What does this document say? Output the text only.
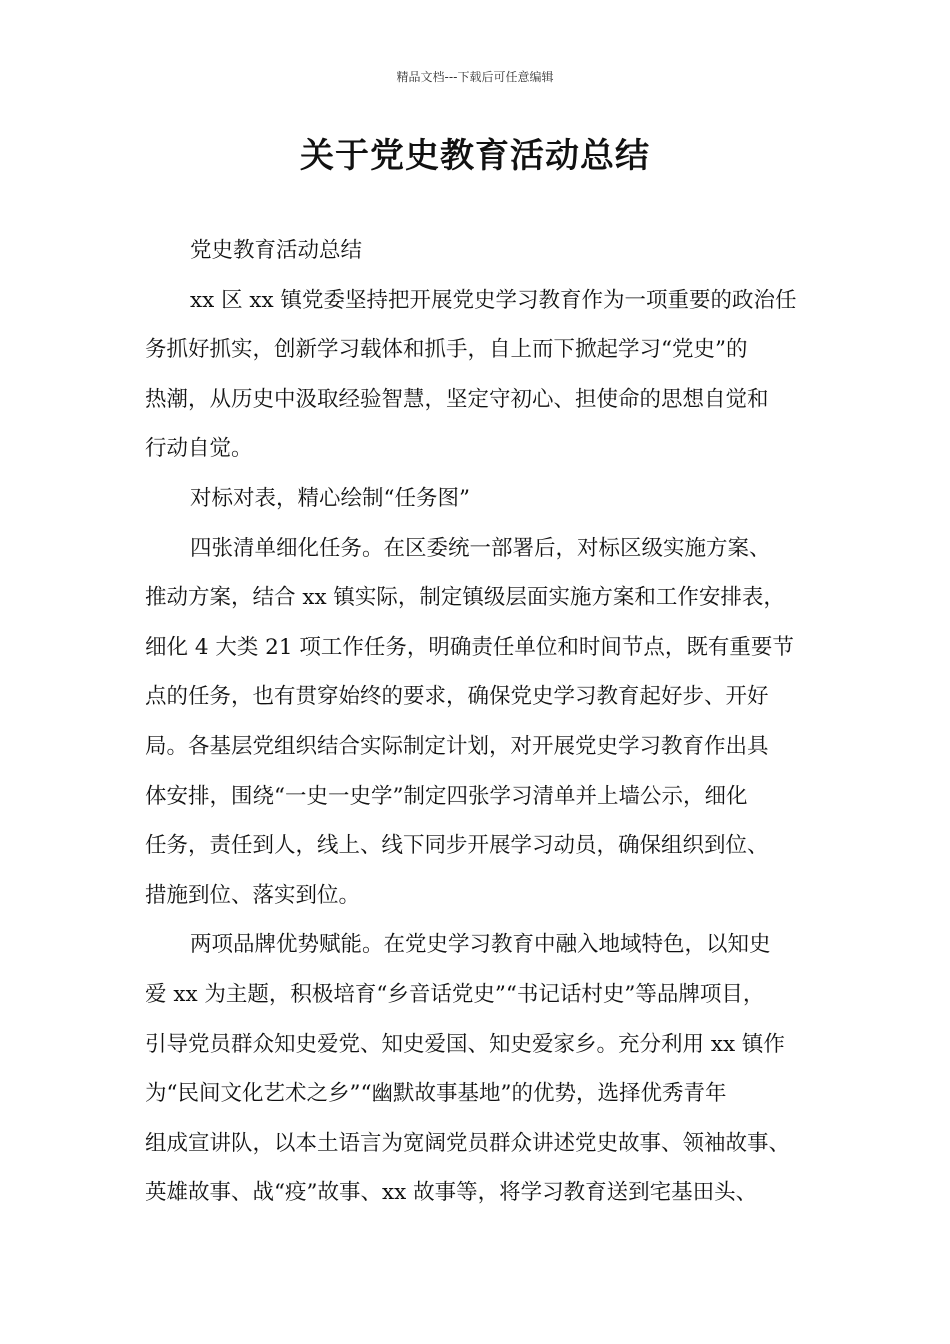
精品文档---下载后可任意编辑
关于党史教育活动总结
党史教育活动总结
xx 区 xx 镇党委坚持把开展党史学习教育作为一项重要的政治任
务抓好抓实，创新学习载体和抓手，自上而下掀起学习“党史”的
热潮，从历史中汲取经验智慧，坚定守初心、担使命的思想自觉和
行动自觉。
对标对表，精心绘制“任务图”
四张清单细化任务。在区委统一部署后，对标区级实施方案、
推动方案，结合 xx 镇实际，制定镇级层面实施方案和工作安排表，
细化 4 大类 21 项工作任务，明确责任单位和时间节点，既有重要节
点的任务，也有贯穿始终的要求，确保党史学习教育起好步、开好
局。各基层党组织结合实际制定计划，对开展党史学习教育作出具
体安排，围绕“一史一史学”制定四张学习清单并上墙公示，细化
任务，责任到人，线上、线下同步开展学习动员，确保组织到位、
措施到位、落实到位。
两项品牌优势赋能。在党史学习教育中融入地域特色，以知史
爱 xx 为主题，积极培育“乡音话党史”“书记话村史”等品牌项目，
引导党员群众知史爱党、知史爱国、知史爱家乡。充分利用 xx 镇作
为“民间文化艺术之乡”“幽默故事基地”的优势，选择优秀青年
组成宣讲队，以本土语言为宽阔党员群众讲述党史故事、领袖故事、
英雄故事、战“疫”故事、xx 故事等，将学习教育送到宅基田头、
